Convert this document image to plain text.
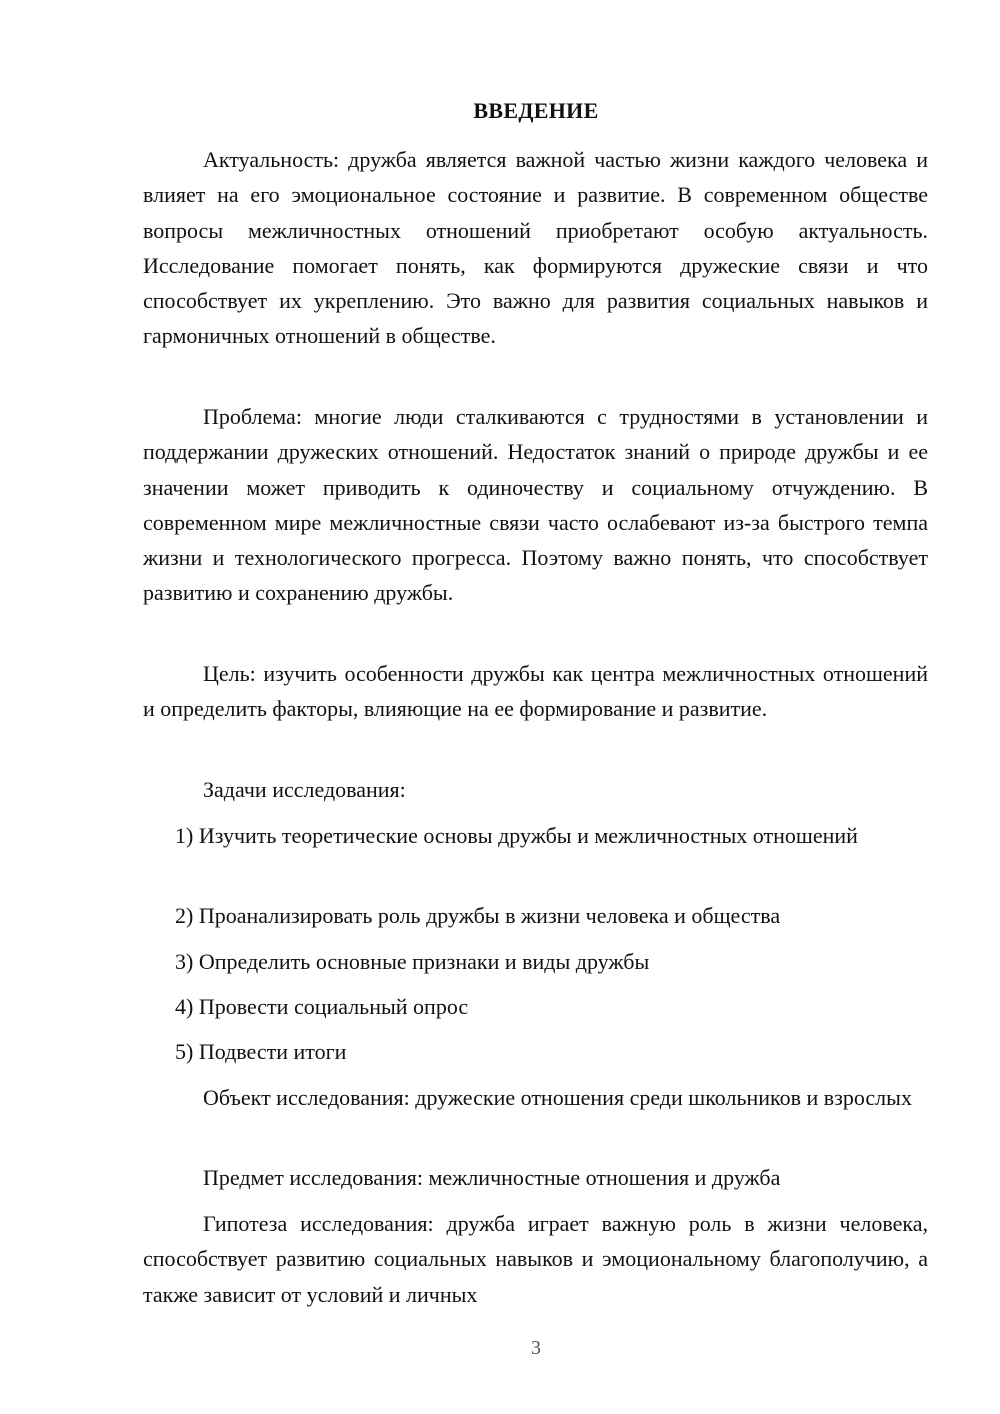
ВВЕДЕНИЕ

Актуальность: дружба является важной частью жизни каждого человека и влияет на его эмоциональное состояние и развитие. В современном обществе вопросы межличностных отношений приобретают особую актуальность. Исследование помогает понять, как формируются дружеские связи и что способствует их укреплению. Это важно для развития социальных навыков и гармоничных отношений в обществе.

Проблема: многие люди сталкиваются с трудностями в установлении и поддержании дружеских отношений. Недостаток знаний о природе дружбы и ее значении может приводить к одиночеству и социальному отчуждению. В современном мире межличностные связи часто ослабевают из-за быстрого темпа жизни и технологического прогресса. Поэтому важно понять, что способствует развитию и сохранению дружбы.

Цель: изучить особенности дружбы как центра межличностных отношений и определить факторы, влияющие на ее формирование и развитие.

Задачи исследования:

1) Изучить теоретические основы дружбы и межличностных отношений

2) Проанализировать роль дружбы в жизни человека и общества
3) Определить основные признаки и виды дружбы
4) Провести социальный опрос
5) Подвести итоги

Объект исследования: дружеские отношения среди школьников и взрослых

Предмет исследования: межличностные отношения и дружба

Гипотеза исследования: дружба играет важную роль в жизни человека, способствует развитию социальных навыков и эмоциональному благополучию, а также зависит от условий и личных

3
